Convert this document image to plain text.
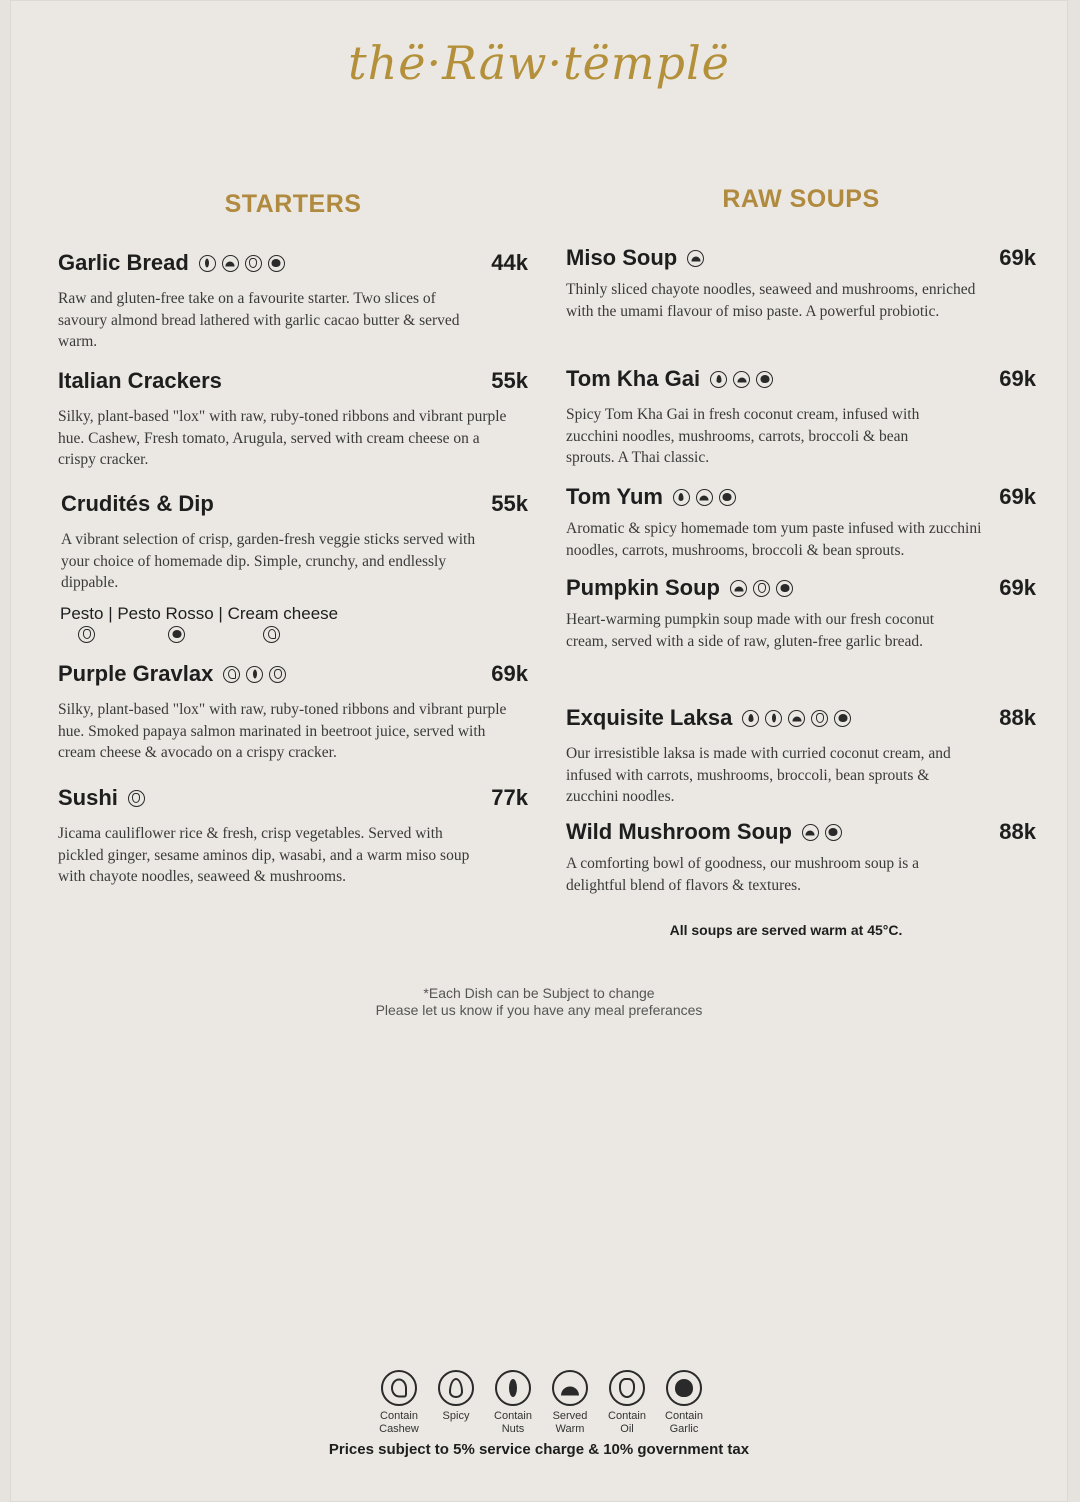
thë·Räw·tëmplë
STARTERS
Garlic Bread	44k
Raw and gluten-free take on a favourite starter. Two slices of savoury almond bread lathered with garlic cacao butter & served warm.
Italian Crackers	55k
Silky, plant-based "lox" with raw, ruby-toned ribbons and vibrant purple hue. Cashew, Fresh tomato, Arugula, served with cream cheese on a crispy cracker.
Crudités & Dip	55k
A vibrant selection of crisp, garden-fresh veggie sticks served with your choice of homemade dip. Simple, crunchy, and endlessly dippable.
Pesto | Pesto Rosso | Cream cheese
Purple Gravlax	69k
Silky, plant-based "lox" with raw, ruby-toned ribbons and vibrant purple hue. Smoked papaya salmon marinated in beetroot juice, served with cream cheese & avocado on a crispy cracker.
Sushi	77k
Jicama cauliflower rice & fresh, crisp vegetables. Served with pickled ginger, sesame aminos dip, wasabi, and a warm miso soup with chayote noodles, seaweed & mushrooms.
RAW SOUPS
Miso Soup	69k
Thinly sliced chayote noodles, seaweed and mushrooms, enriched with the umami flavour of miso paste. A powerful probiotic.
Tom Kha Gai	69k
Spicy Tom Kha Gai in fresh coconut cream, infused with zucchini noodles, mushrooms, carrots, broccoli & bean sprouts. A Thai classic.
Tom Yum	69k
Aromatic & spicy homemade tom yum paste infused with zucchini noodles, carrots, mushrooms, broccoli & bean sprouts.
Pumpkin Soup	69k
Heart-warming pumpkin soup made with our fresh coconut cream, served with a side of raw, gluten-free garlic bread.
Exquisite Laksa	88k
Our irresistible laksa is made with curried coconut cream, and infused with carrots, mushrooms, broccoli, bean sprouts & zucchini noodles.
Wild Mushroom Soup	88k
A comforting bowl of goodness, our mushroom soup is a delightful blend of flavors & textures.
All soups are served warm at 45°C.
*Each Dish can be Subject to change
Please let us know if you have any meal preferances
Contain
Cashew
Spicy	Contain
Nuts
Served
Warm
Contain
Oil
Contain
Garlic
Prices subject to 5% service charge & 10% government tax
